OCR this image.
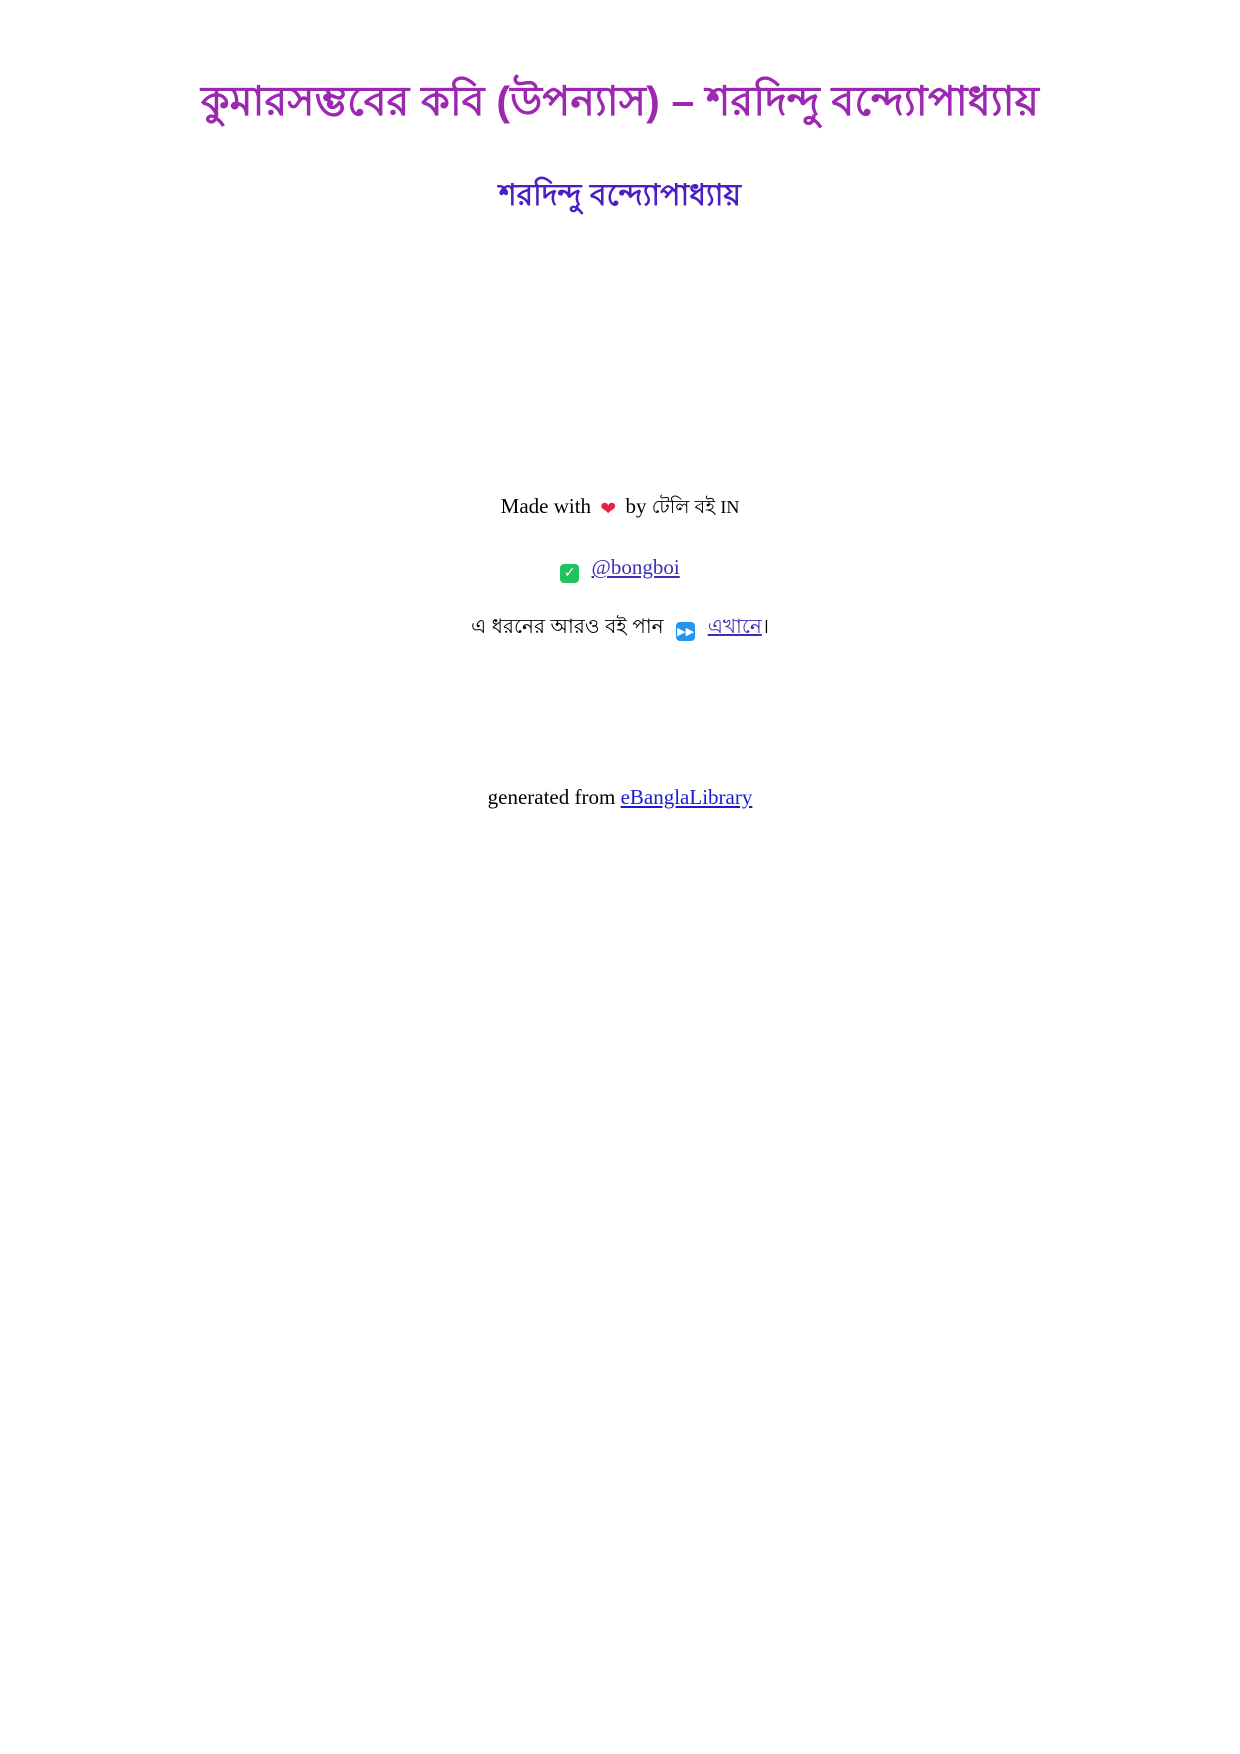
কুমারসম্ভবের কবি (উপন্যাস) – শরদিন্দু বন্দ্যোপাধ্যায়
শরদিন্দু বন্দ্যোপাধ্যায়
Made with ❤ by টেলি বই IN
✓ @bongboi
এ ধরনের আরও বই পান ▶▶ এখানে।
generated from eBanglaLibrary
